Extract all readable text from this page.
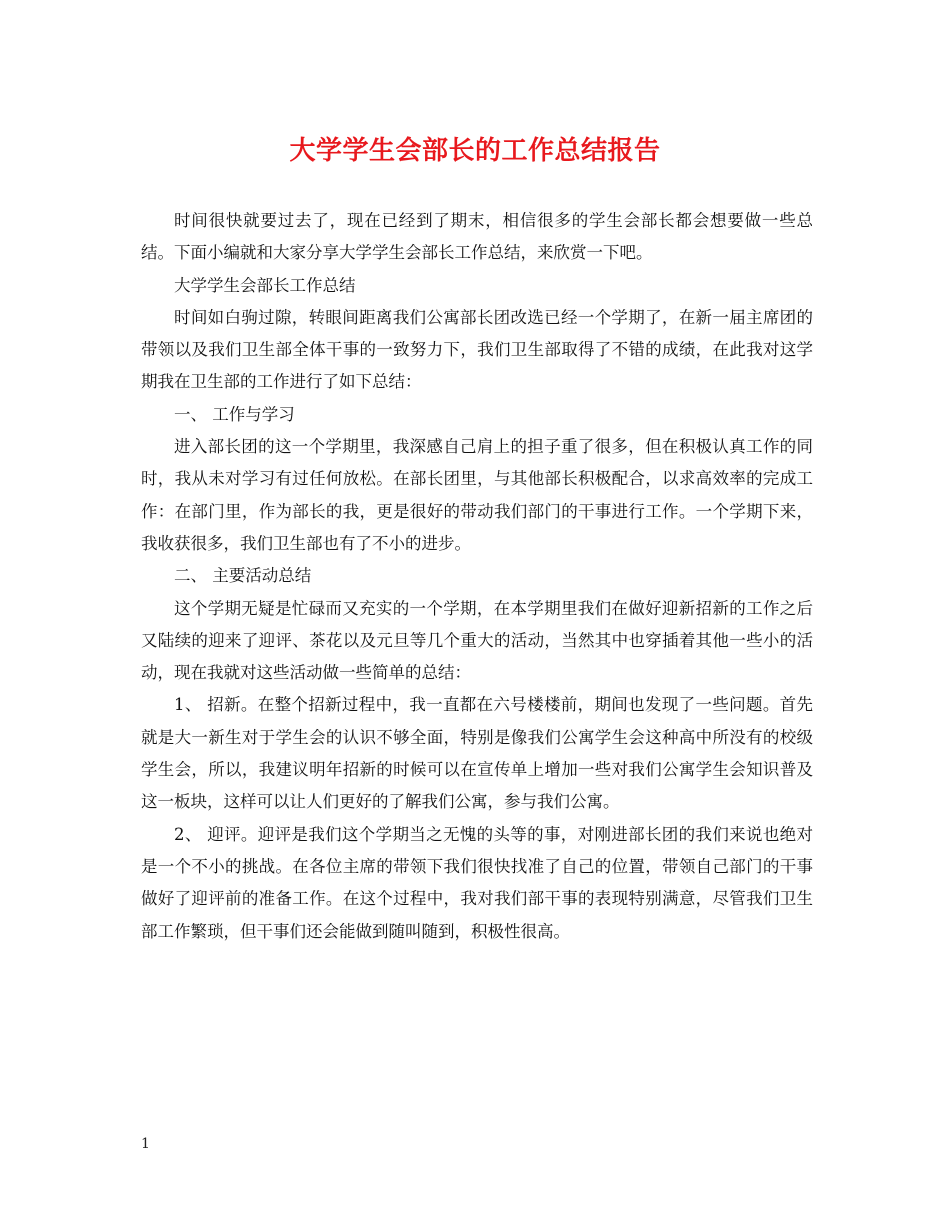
大学学生会部长的工作总结报告

时间很快就要过去了，现在已经到了期末，相信很多的学生会部长都会想要做一些总结。下面小编就和大家分享大学学生会部长工作总结，来欣赏一下吧。

大学学生会部长工作总结

时间如白驹过隙，转眼间距离我们公寓部长团改选已经一个学期了，在新一届主席团的带领以及我们卫生部全体干事的一致努力下，我们卫生部取得了不错的成绩，在此我对这学期我在卫生部的工作进行了如下总结：

一、 工作与学习

进入部长团的这一个学期里，我深感自己肩上的担子重了很多，但在积极认真工作的同时，我从未对学习有过任何放松。在部长团里，与其他部长积极配合，以求高效率的完成工作：在部门里，作为部长的我，更是很好的带动我们部门的干事进行工作。一个学期下来，我收获很多，我们卫生部也有了不小的进步。

二、 主要活动总结

这个学期无疑是忙碌而又充实的一个学期，在本学期里我们在做好迎新招新的工作之后又陆续的迎来了迎评、茶花以及元旦等几个重大的活动，当然其中也穿插着其他一些小的活动，现在我就对这些活动做一些简单的总结：

1、 招新。在整个招新过程中，我一直都在六号楼楼前，期间也发现了一些问题。首先就是大一新生对于学生会的认识不够全面，特别是像我们公寓学生会这种高中所没有的校级学生会，所以，我建议明年招新的时候可以在宣传单上增加一些对我们公寓学生会知识普及这一板块，这样可以让人们更好的了解我们公寓，参与我们公寓。

2、 迎评。迎评是我们这个学期当之无愧的头等的事，对刚进部长团的我们来说也绝对是一个不小的挑战。在各位主席的带领下我们很快找准了自己的位置，带领自己部门的干事做好了迎评前的准备工作。在这个过程中，我对我们部干事的表现特别满意，尽管我们卫生部工作繁琐，但干事们还会能做到随叫随到，积极性很高。

1
